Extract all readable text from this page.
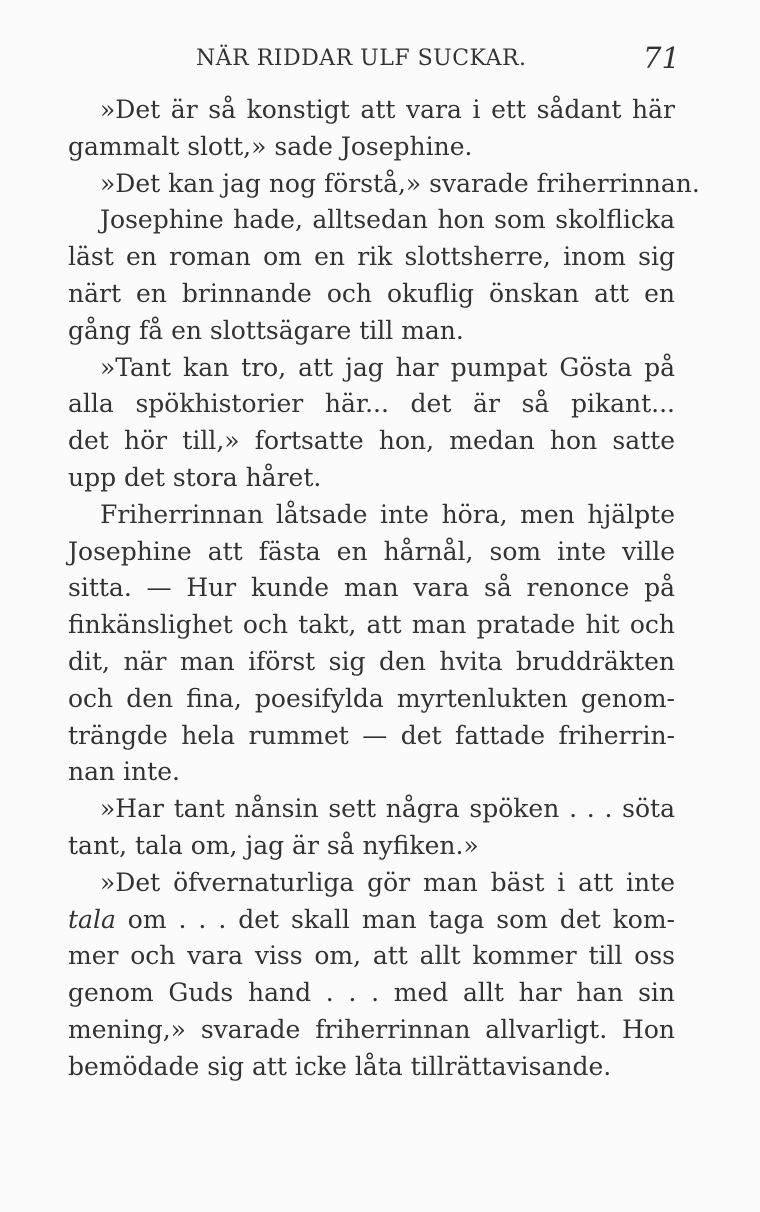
NÄR RIDDAR ULF SUCKAR.	71
»Det är så konstigt att vara i ett sådant här
gammalt slott,» sade Josephine.
»Det kan jag nog förstå,» svarade friherrinnan.
Josephine hade, alltsedan hon som skolflicka
läst en roman om en rik slottsherre, inom sig
närt en brinnande och okuflig önskan att en
gång få en slottsägare till man.
»Tant kan tro, att jag har pumpat Gösta på
alla spökhistorier här... det är så pikant...
det hör till,» fortsatte hon, medan hon satte
upp det stora håret.
Friherrinnan låtsade inte höra, men hjälpte
Josephine att fästa en hårnål, som inte ville
sitta. — Hur kunde man vara så renonce på
finkänslighet och takt, att man pratade hit och
dit, när man iförst sig den hvita bruddräkten
och den fina, poesifylda myrtenlukten genom-
trängde hela rummet — det fattade friherrin-
nan inte.
»Har tant nånsin sett några spöken . . . söta
tant, tala om, jag är så nyfiken.»
»Det öfvernaturliga gör man bäst i att inte
tala om . . . det skall man taga som det kom-
mer och vara viss om, att allt kommer till oss
genom Guds hand . . . med allt har han sin
mening,» svarade friherrinnan allvarligt. Hon
bemödade sig att icke låta tillrättavisande.
